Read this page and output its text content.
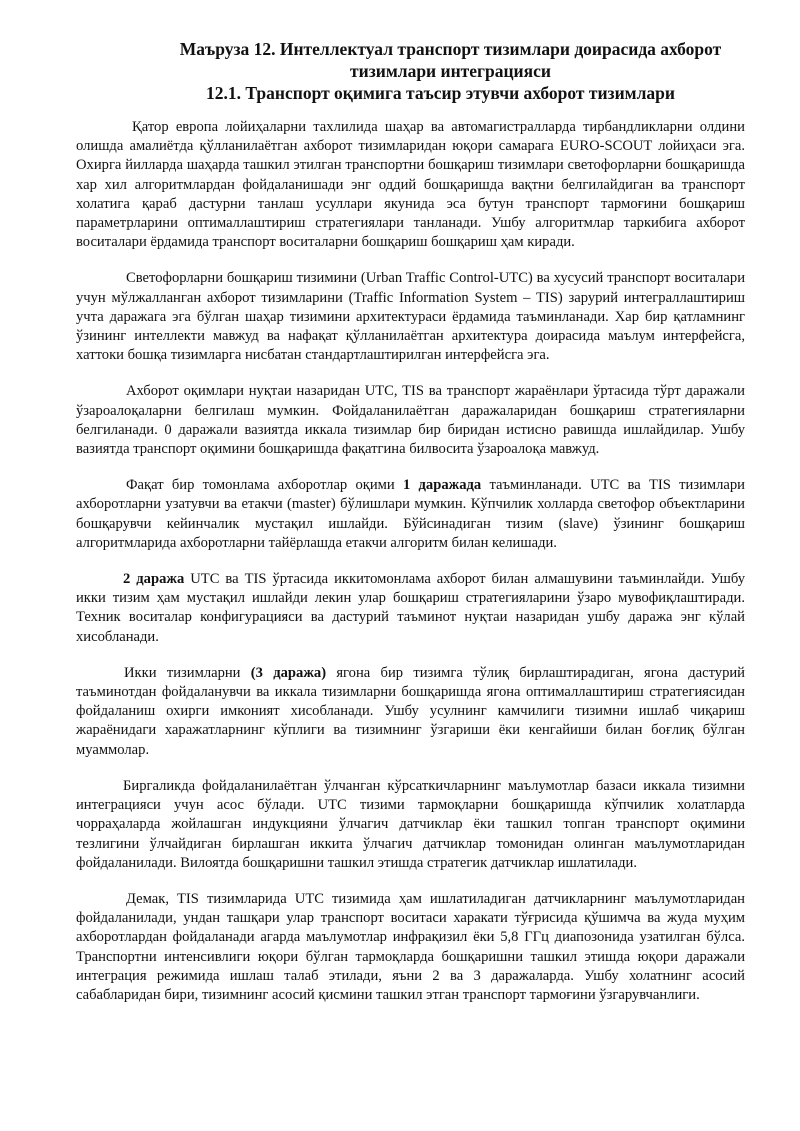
Маъруза 12. Интеллектуал транспорт тизимлари доирасида ахборот
тизимлари интеграцияси
12.1. Транспорт оқимига таъсир этувчи ахборот тизимлари

Қатор европа лойиҳаларни тахлилида шаҳар ва автомагистралларда тирбандликларни олдини олишда амалиётда қўлланилаётган ахборот тизимларидан юқори самарага EURO-SCOUT лойиҳаси эга. Охирга йилларда шаҳарда ташкил этилган транспортни бошқариш тизимлари светофорларни бошқаришда хар хил алгоритмлардан фойдаланишади энг оддий бошқаришда вақтни белгилайдиган ва транспорт холатига қараб дастурни танлаш усуллари якунида эса бутун транспорт тармоғини бошқариш параметрларини оптималлаштириш стратегиялари танланади. Ушбу алгоритмлар таркибига ахборот воситалари ёрдамида транспорт воситаларни бошқариш бошқариш ҳам киради.

Светофорларни бошқариш тизимини (Urban Traffic Control-UTC) ва хусусий транспорт воситалари учун мўлжалланган ахборот тизимларини (Traffic Information System – TIS) зарурий интеграллаштириш учта даражага эга бўлган шаҳар тизимини архитектураси ёрдамида таъминланади. Хар бир қатламнинг ўзининг интеллекти мавжуд ва нафақат қўлланилаётган архитектура доирасида маълум интерфейсга, хаттоки бошқа тизимларга нисбатан стандартлаштирилган интерфейсга эга.

Ахборот оқимлари нуқтаи назаридан UTC, TIS ва транспорт жараёнлари ўртасида тўрт даражали ўзароалоқаларни белгилаш мумкин. Фойдаланилаётган даражаларидан бошқариш стратегияларни белгиланади. 0 даражали вазиятда иккала тизимлар бир биридан истисно равишда ишлайдилар. Ушбу вазиятда транспорт оқимини бошқаришда фақатгина билвосита ўзароалоқа мавжуд.

Фақат бир томонлама ахборотлар оқими 1 даражада таъминланади. UTC ва TIS тизимлари ахборотларни узатувчи ва етакчи (master) бўлишлари мумкин. Кўпчилик холларда светофор объектларини бошқарувчи кейинчалик мустақил ишлайди. Бўйсинадиган тизим (slave) ўзининг бошқариш алгоритмларида ахборотларни тайёрлашда етакчи алгоритм билан келишади.

2 даража UTC ва TIS ўртасида иккитомонлама ахборот билан алмашувини таъминлайди. Ушбу икки тизим ҳам мустақил ишлайди лекин улар бошқариш стратегияларини ўзаро мувофиқлаштиради. Техник воситалар конфигурацияси ва дастурий таъминот нуқтаи назаридан ушбу даража энг кўлай хисобланади.

Икки тизимларни (3 даража) ягона бир тизимга тўлиқ бирлаштирадиган, ягона дастурий таъминотдан фойдаланувчи ва иккала тизимларни бошқаришда ягона оптималлаштириш стратегиясидан фойдаланиш охирги имконият хисобланади. Ушбу усулнинг камчилиги тизимни ишлаб чиқариш жараёнидаги харажатларнинг кўплиги ва тизимнинг ўзгариши ёки кенгайиши билан боғлиқ бўлган муаммолар.

Биргаликда фойдаланилаётган ўлчанган кўрсаткичларнинг маълумотлар базаси иккала тизимни интеграцияси учун асос бўлади. UTC тизими тармоқларни бошқаришда кўпчилик холатларда чорраҳаларда жойлашган индукцияни ўлчагич датчиклар ёки ташкил топган транспорт оқимини тезлигини ўлчайдиган бирлашган иккита ўлчагич датчиклар томонидан олинган маълумотларидан фойдаланилади. Вилоятда бошқаришни ташкил этишда стратегик датчиклар ишлатилади.

Демак, TIS тизимларида UTC тизимида ҳам ишлатиладиган датчикларнинг маълумотларидан фойдаланилади, ундан ташқари улар транспорт воситаси харакати тўғрисида қўшимча ва жуда муҳим ахборотлардан фойдаланади агарда маълумотлар инфрақизил ёки 5,8 ГГц диапозонида узатилган бўлса. Транспортни интенсивлиги юқори бўлган тармоқларда бошқаришни ташкил этишда юқори даражали интеграция режимида ишлаш талаб этилади, яъни 2 ва 3 даражаларда. Ушбу холатнинг асосий сабабларидан бири, тизимнинг асосий қисмини ташкил этган транспорт тармоғини ўзгарувчанлиги.
